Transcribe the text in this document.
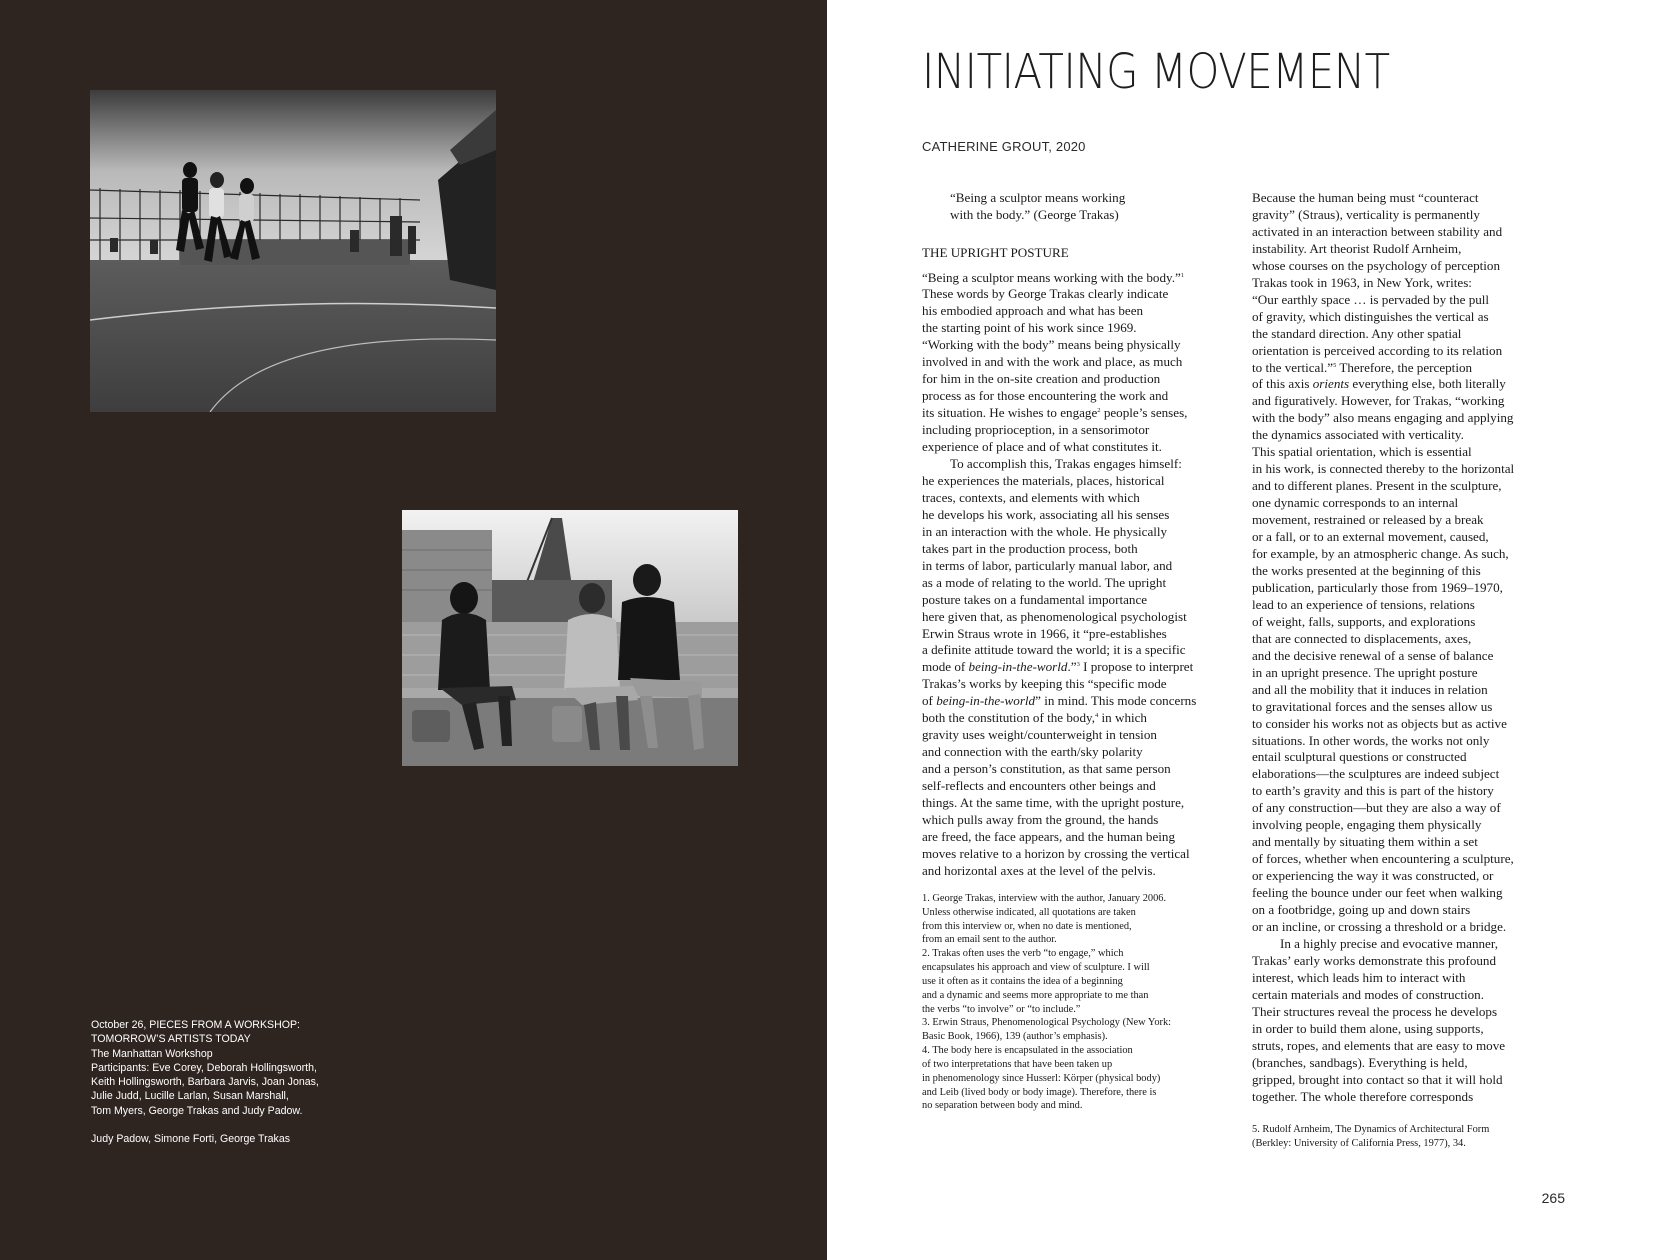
October 26, PIECES FROM A WORKSHOP:

TOMORROW’S ARTISTS TODAY

The Manhattan Workshop

Participants: Eve Corey, Deborah Hollingsworth,

Keith Hollingsworth, Barbara Jarvis, Joan Jonas,

Julie Judd, Lucille Larlan, Susan Marshall,

Tom Myers, George Trakas and Judy Padow.

Judy Padow, Simone Forti, George Trakas

INITIATING MOVEMENT
CATHERINE GROUT, 2020

“Being a sculptor means working
with the body.” (George Trakas)

THE UPRIGHT POSTURE

“Being a sculptor means working with the body.”$^1$
These words by George Trakas clearly indicate
his embodied approach and what has been
the starting point of his work since 1969.
“Working with the body” means being physically
involved in and with the work and place, as much
for him in the on-site creation and production
process as for those encountering the work and
its situation. He wishes to engage$^2$ people’s senses,
including proprioception, in a sensorimotor
experience of place and of what constitutes it.
To accomplish this, Trakas engages himself:
he experiences the materials, places, historical
traces, contexts, and elements with which
he develops his work, associating all his senses
in an interaction with the whole. He physically
takes part in the production process, both
in terms of labor, particularly manual labor, and
as a mode of relating to the world. The upright
posture takes on a fundamental importance
here given that, as phenomenological psychologist
Erwin Straus wrote in 1966, it “pre-establishes
a definite attitude toward the world; it is a specific
mode of being-in-the-world.”$^3$ I propose to interpret
Trakas’s works by keeping this “specific mode
of being-in-the-world” in mind. This mode concerns
both the constitution of the body,$^4$ in which
gravity uses weight/counterweight in tension
and connection with the earth/sky polarity
and a person’s constitution, as that same person
self-reflects and encounters other beings and
things. At the same time, with the upright posture,
which pulls away from the ground, the hands
are freed, the face appears, and the human being
moves relative to a horizon by crossing the vertical
and horizontal axes at the level of the pelvis.
1. George Trakas, interview with the author, January 2006.
Unless otherwise indicated, all quotations are taken
from this interview or, when no date is mentioned,
from an email sent to the author.
2. Trakas often uses the verb “to engage,” which
encapsulates his approach and view of sculpture. I will
use it often as it contains the idea of a beginning
and a dynamic and seems more appropriate to me than
the verbs “to involve” or “to include.”
3. Erwin Straus, Phenomenological Psychology (New York:
Basic Book, 1966), 139 (author’s emphasis).
4. The body here is encapsulated in the association
of two interpretations that have been taken up
in phenomenology since Husserl: Körper (physical body)
and Leib (lived body or body image). Therefore, there is
no separation between body and mind.
Because the human being must “counteract
gravity” (Straus), verticality is permanently
activated in an interaction between stability and
instability. Art theorist Rudolf Arnheim,
whose courses on the psychology of perception
Trakas took in 1963, in New York, writes:
“Our earthly space … is pervaded by the pull
of gravity, which distinguishes the vertical as
the standard direction. Any other spatial
orientation is perceived according to its relation
to the vertical.”$^5$ Therefore, the perception
of this axis orients everything else, both literally
and figuratively. However, for Trakas, “working
with the body” also means engaging and applying
the dynamics associated with verticality.
This spatial orientation, which is essential
in his work, is connected thereby to the horizontal
and to different planes. Present in the sculpture,
one dynamic corresponds to an internal
movement, restrained or released by a break
or a fall, or to an external movement, caused,
for example, by an atmospheric change. As such,
the works presented at the beginning of this
publication, particularly those from 1969–1970,
lead to an experience of tensions, relations
of weight, falls, supports, and explorations
that are connected to displacements, axes,
and the decisive renewal of a sense of balance
in an upright presence. The upright posture
and all the mobility that it induces in relation
to gravitational forces and the senses allow us
to consider his works not as objects but as active
situations. In other words, the works not only
entail sculptural questions or constructed
elaborations—the sculptures are indeed subject
to earth’s gravity and this is part of the history
of any construction—but they are also a way of
involving people, engaging them physically
and mentally by situating them within a set
of forces, whether when encountering a sculpture,
or experiencing the way it was constructed, or
feeling the bounce under our feet when walking
on a footbridge, going up and down stairs
or an incline, or crossing a threshold or a bridge.
In a highly precise and evocative manner,
Trakas’ early works demonstrate this profound
interest, which leads him to interact with
certain materials and modes of construction.
Their structures reveal the process he develops
in order to build them alone, using supports,
struts, ropes, and elements that are easy to move
(branches, sandbags). Everything is held,
gripped, brought into contact so that it will hold
together. The whole therefore corresponds
5. Rudolf Arnheim, The Dynamics of Architectural Form
(Berkley: University of California Press, 1977), 34.
265
